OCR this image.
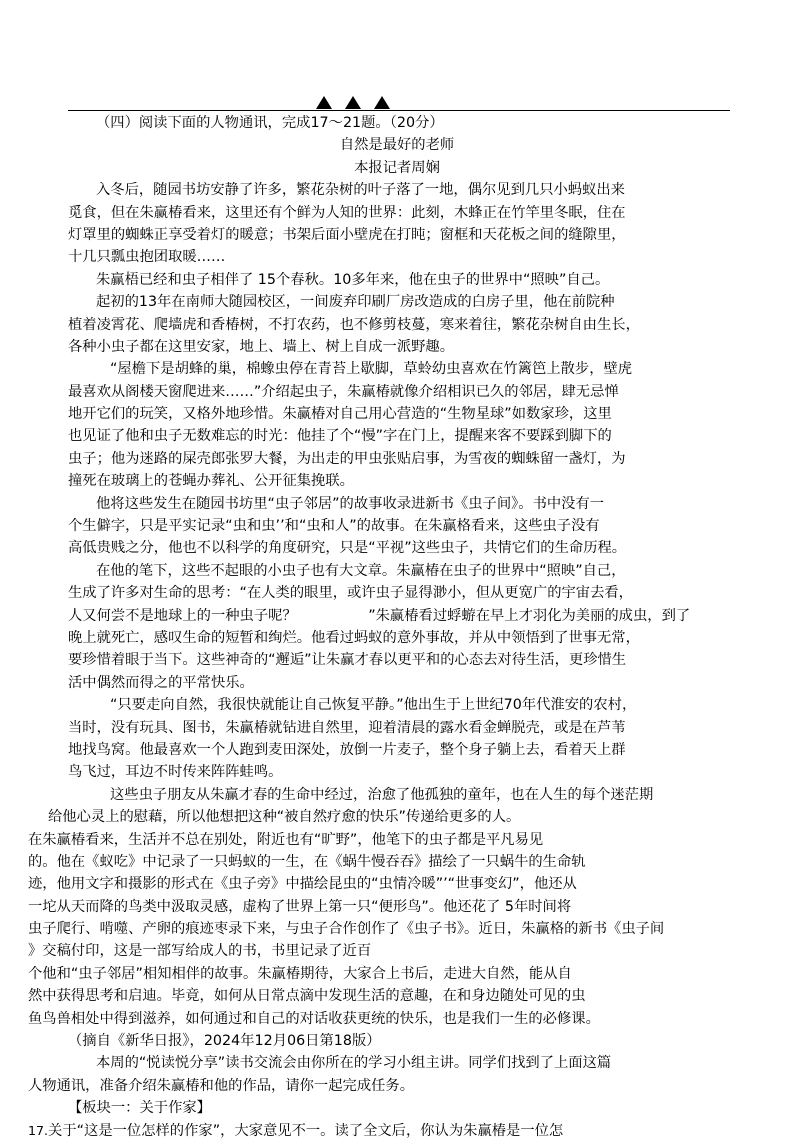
（四）阅读下面的人物通讯，完成17～21题。（20分）
自然是最好的老师
本报记者周娴
入冬后，随园书坊安静了许多，繁花杂树的叶子落了一地，偶尔见到几只小蚂蚁出来
觅食，但在朱赢椿看来，这里还有个鲜为人知的世界：此刻，木蜂正在竹竿里冬眠，住在
灯罩里的蜘蛛正享受着灯的暖意；书架后面小壁虎在打盹；窗框和天花板之间的缝隙里，
十几只瓢虫抱团取暖……
朱赢梧已经和虫子相伴了 15个春秋。10多年来，他在虫子的世界中“照映”自己。
起初的13年在南师大随园校区，一间废弃印刷厂房改造成的白房子里，他在前院种
植着凌霄花、爬墙虎和香椿树，不打农药，也不修剪枝蔓，寒来着往，繁花杂树自由生长，
各种小虫子都在这里安家，地上、墙上、树上自成一派野趣。
“屋檐下是胡蜂的巢，棉蟓虫停在青苔上歇脚，草蛉幼虫喜欢在竹篱笆上散步，壁虎
最喜欢从阁楼天窗爬进来……”介绍起虫子，朱赢椿就像介绍相识已久的邻居，肆无忌惮
地开它们的玩笑，又格外地珍惜。朱赢椿对自己用心营造的“生物星球”如数家珍，这里
也见证了他和虫子无数难忘的时光：他挂了个“慢”字在门上，提醒来客不要踩到脚下的
虫子；他为迷路的屎壳郎张罗大餐，为出走的甲虫张贴启事，为雪夜的蜘蛛留一盏灯，为
撞死在玻璃上的苍蝇办葬礼、公开征集挽联。
他将这些发生在随园书坊里“虫子邻居”的故事收录进新书《虫子间》。书中没有一
个生僻字，只是平实记录“虫和虫’’和“虫和人”的故事。在朱赢格看来，这些虫子没有
高低贵贱之分，他也不以科学的角度研究，只是“平视”这些虫子，共情它们的生命历程。
在他的笔下，这些不起眼的小虫子也有大文章。朱赢椿在虫子的世界中“照映”自己，
生成了许多对生命的思考：“在人类的眼里，或许虫子显得渺小，但从更宽广的宇宙去看，
人又何尝不是地球上的一种虫子呢？　　　　　”朱赢椿看过蜉蝣在早上才羽化为美丽的成虫，到了
晚上就死亡，感叹生命的短暂和绚烂。他看过蚂蚁的意外事故，并从中领悟到了世事无常，
要珍惜着眼于当下。这些神奇的“邂逅”让朱赢才春以更平和的心态去对待生活，更珍惜生
活中偶然而得之的平常快乐。
“只要走向自然，我很快就能让自己恢复平静。”他出生于上世纪70年代淮安的农村，
当时，没有玩具、图书，朱赢椿就钻进自然里，迎着清晨的露水看金蝉脱壳，或是在芦苇
地找鸟窝。他最喜欢一个人跑到麦田深处，放倒一片麦子，整个身子躺上去，看着天上群
鸟飞过，耳边不时传来阵阵蛙鸣。
这些虫子朋友从朱赢才春的生命中经过，治愈了他孤独的童年，也在人生的每个迷茫期
给他心灵上的慰藉，所以他想把这种“被自然疗愈的快乐”传递给更多的人。
在朱赢椿看来，生活并不总在别处，附近也有“旷野”，他笔下的虫子都是平凡易见
的。他在《蚁吃》中记录了一只蚂蚁的一生，在《蜗牛慢吞吞》描绘了一只蜗牛的生命轨
迹，他用文字和摄影的形式在《虫子旁》中描绘昆虫的“虫情冷暖”’“世事变幻”，他还从
一坨从天而降的鸟类中汲取灵感，虚构了世界上第一只“便形鸟”。他还花了 5年时间将
虫子爬行、啃噬、产卵的痕迹枣录下来，与虫子合作创作了《虫子书》。近日，朱赢格的新书《虫子间
》交稿付印，这是一部写给成人的书，书里记录了近百
个他和“虫子邻居”相知相伴的故事。朱赢椿期待，大家合上书后，走进大自然，能从自
然中获得思考和启迪。毕竟，如何从日常点滴中发现生活的意趣，在和身边随处可见的虫
鱼鸟兽相处中得到滋养，如何通过和自己的对话收获更统的快乐，也是我们一生的必修课。
（摘自《新华日报》，2024年12月06日第18版）
本周的“悦读悦分享”读书交流会由你所在的学习小组主讲。同学们找到了上面这篇
人物通讯，准备介绍朱赢椿和他的作品，请你一起完成任务。
【板块一：关于作家】
17.关于“这是一位怎样的作家”，大家意见不一。读了全文后，你认为朱赢椿是一位怎
